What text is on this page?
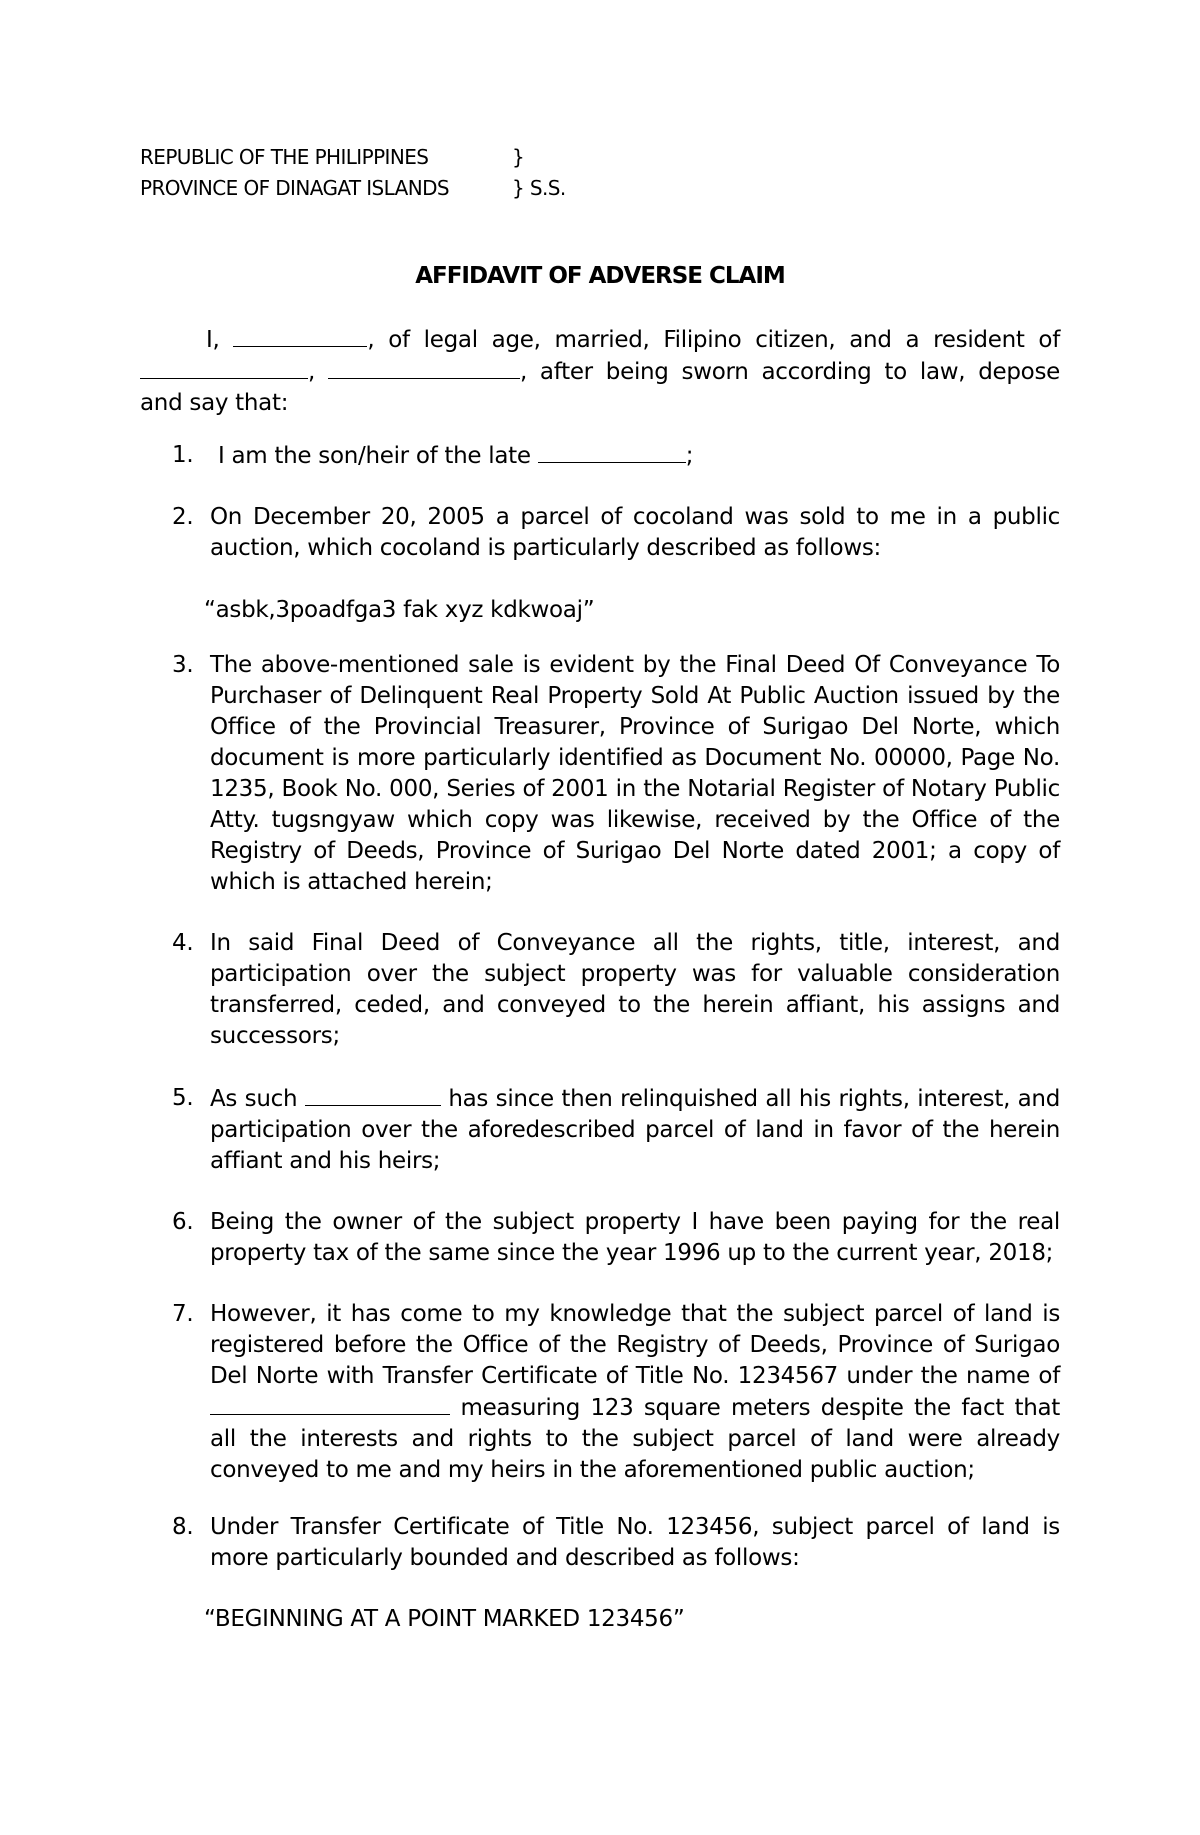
REPUBLIC OF THE PHILIPPINES	}
PROVINCE OF DINAGAT ISLANDS	} S.S.
AFFIDAVIT OF ADVERSE CLAIM

I,	, of legal age, married, Filipino citizen, and a resident of ,	, after being sworn according to law, depose and say that:

1.	I am the son/heir of the late	;
2. On December 20, 2005 a parcel of cocoland was sold to me in a public auction, which cocoland is particularly described as follows:
“asbk,3poadfga3 fak xyz kdkwoaj”
3. The above-mentioned sale is evident by the Final Deed Of Conveyance To Purchaser of Delinquent Real Property Sold At Public Auction issued by the Office of the Provincial Treasurer, Province of Surigao Del Norte, which document is more particularly identified as Document No. 00000, Page No. 1235, Book No. 000, Series of 2001 in the Notarial Register of Notary Public Atty. tugsngyaw which copy was likewise, received by the Office of the Registry of Deeds, Province of Surigao Del Norte dated 2001; a copy of which is attached herein;
4. In said Final Deed of Conveyance all the rights, title, interest, and participation over the subject property was for valuable consideration transferred, ceded, and conveyed to the herein affiant, his assigns and successors;
5. As such	has since then relinquished all his rights, interest, and participation over the aforedescribed parcel of land in favor of the herein affiant and his heirs;
6. Being the owner of the subject property I have been paying for the real property tax of the same since the year 1996 up to the current year, 2018;
7. However, it has come to my knowledge that the subject parcel of land is registered before the Office of the Registry of Deeds, Province of Surigao Del Norte with Transfer Certificate of Title No. 1234567 under the name of  measuring 123 square meters despite the fact that all the interests and rights to the subject parcel of land were already conveyed to me and my heirs in the aforementioned public auction;
8. Under Transfer Certificate of Title No. 123456, subject parcel of land is more particularly bounded and described as follows:
“BEGINNING AT A POINT MARKED 123456”
